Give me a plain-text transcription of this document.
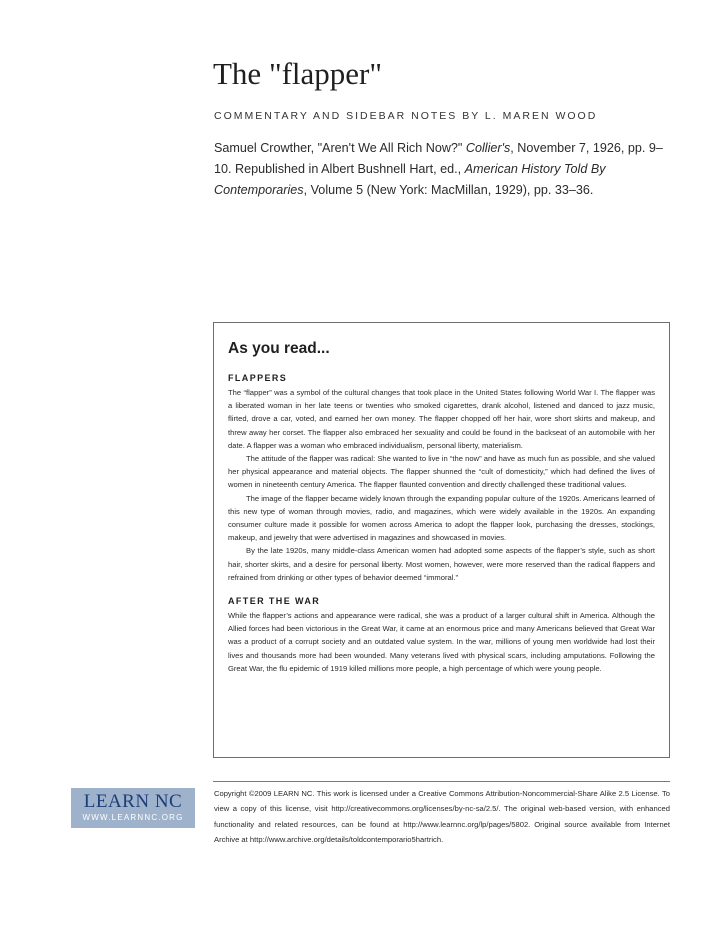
The "flapper"
COMMENTARY AND SIDEBAR NOTES BY L. MAREN WOOD
Samuel Crowther, "Aren't We All Rich Now?" Collier's, November 7, 1926, pp. 9–10. Republished in Albert Bushnell Hart, ed., American History Told By Contemporaries, Volume 5 (New York: MacMillan, 1929), pp. 33–36.
As you read...
FLAPPERS

The “flapper” was a symbol of the cultural changes that took place in the United States following World War I. The flapper was a liberated woman in her late teens or twenties who smoked cigarettes, drank alcohol, listened and danced to jazz music, flirted, drove a car, voted, and earned her own money. The flapper chopped off her hair, wore short skirts and makeup, and threw away her corset. The flapper also embraced her sexuality and could be found in the backseat of an automobile with her date. A flapper was a woman who embraced individualism, personal liberty, materialism.

The attitude of the flapper was radical: She wanted to live in “the now” and have as much fun as possible, and she valued her physical appearance and material objects. The flapper shunned the “cult of domesticity,” which had defined the lives of women in nineteenth century America. The flapper flaunted convention and directly challenged these traditional values.

The image of the flapper became widely known through the expanding popular culture of the 1920s. Americans learned of this new type of woman through movies, radio, and magazines, which were widely available in the 1920s. An expanding consumer culture made it possible for women across America to adopt the flapper look, purchasing the dresses, stockings, makeup, and jewelry that were advertised in magazines and showcased in movies.

By the late 1920s, many middle-class American women had adopted some aspects of the flapper’s style, such as short hair, shorter skirts, and a desire for personal liberty. Most women, however, were more reserved than the radical flappers and refrained from drinking or other types of behavior deemed “immoral.”

AFTER THE WAR

While the flapper’s actions and appearance were radical, she was a product of a larger cultural shift in America. Although the Allied forces had been victorious in the Great War, it came at an enormous price and many Americans believed that Great War was a product of a corrupt society and an outdated value system. In the war, millions of young men worldwide had lost their lives and thousands more had been wounded. Many veterans lived with physical scars, including amputations. Following the Great War, the flu epidemic of 1919 killed millions more people, a high percentage of which were young people.

LEARN NC
WWW.LEARNNC.ORG
Copyright ©2009 LEARN NC. This work is licensed under a Creative Commons Attribution-Noncommercial-Share Alike 2.5 License. To view a copy of this license, visit http://creativecommons.org/licenses/by-nc-sa/2.5/. The original web-based version, with enhanced functionality and related resources, can be found at http://www.learnnc.org/lp/pages/5802. Original source available from Internet Archive at http://www.archive.org/details/toldcontemporario5hartrich.
